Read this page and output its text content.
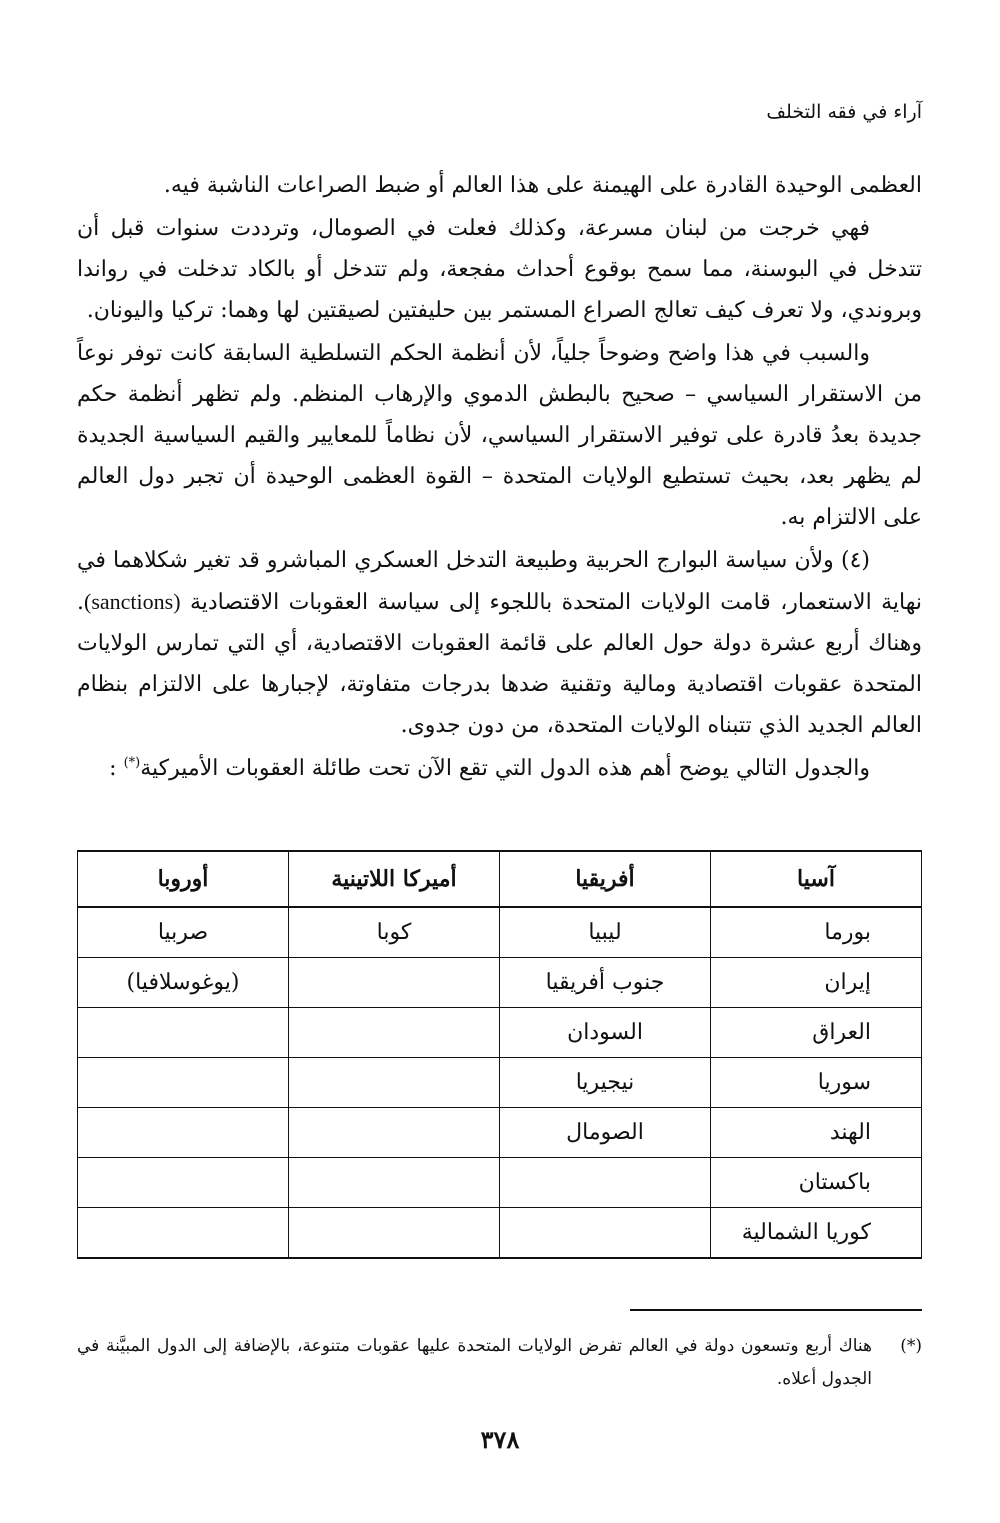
آراء في فقه التخلف

العظمى الوحيدة القادرة على الهيمنة على هذا العالم أو ضبط الصراعات الناشبة فيه.

فهي خرجت من لبنان مسرعة، وكذلك فعلت في الصومال، وترددت سنوات قبل أن تتدخل في البوسنة، مما سمح بوقوع أحداث مفجعة، ولم تتدخل أو بالكاد تدخلت في رواندا وبروندي، ولا تعرف كيف تعالج الصراع المستمر بين حليفتين لصيقتين لها وهما: تركيا واليونان.

والسبب في هذا واضح وضوحاً جلياً، لأن أنظمة الحكم التسلطية السابقة كانت توفر نوعاً من الاستقرار السياسي – صحيح بالبطش الدموي والإرهاب المنظم. ولم تظهر أنظمة حكم جديدة بعدُ قادرة على توفير الاستقرار السياسي، لأن نظاماً للمعايير والقيم السياسية الجديدة لم يظهر بعد، بحيث تستطيع الولايات المتحدة – القوة العظمى الوحيدة أن تجبر دول العالم على الالتزام به.

(٤) ولأن سياسة البوارج الحربية وطبيعة التدخل العسكري المباشرو قد تغير شكلاهما في نهاية الاستعمار، قامت الولايات المتحدة باللجوء إلى سياسة العقوبات الاقتصادية (sanctions). وهناك أربع عشرة دولة حول العالم على قائمة العقوبات الاقتصادية، أي التي تمارس الولايات المتحدة عقوبات اقتصادية ومالية وتقنية ضدها بدرجات متفاوتة، لإجبارها على الالتزام بنظام العالم الجديد الذي تتبناه الولايات المتحدة، من دون جدوى.

والجدول التالي يوضح أهم هذه الدول التي تقع الآن تحت طائلة العقوبات الأميركية(*) :

آسيا	أفريقيا	أميركا اللاتينية	أوروبا
بورما	ليبيا	كوبا	صربيا
إيران	جنوب أفريقيا		(يوغوسلافيا)
العراق	السودان		
سوريا	نيجيريا		
الهند	الصومال		
باكستان			
كوريا الشمالية			
(*)
هناك أربع وتسعون دولة في العالم تفرض الولايات المتحدة عليها عقوبات متنوعة، بالإضافة إلى الدول المبيَّنة في الجدول أعلاه.
٣٧٨
